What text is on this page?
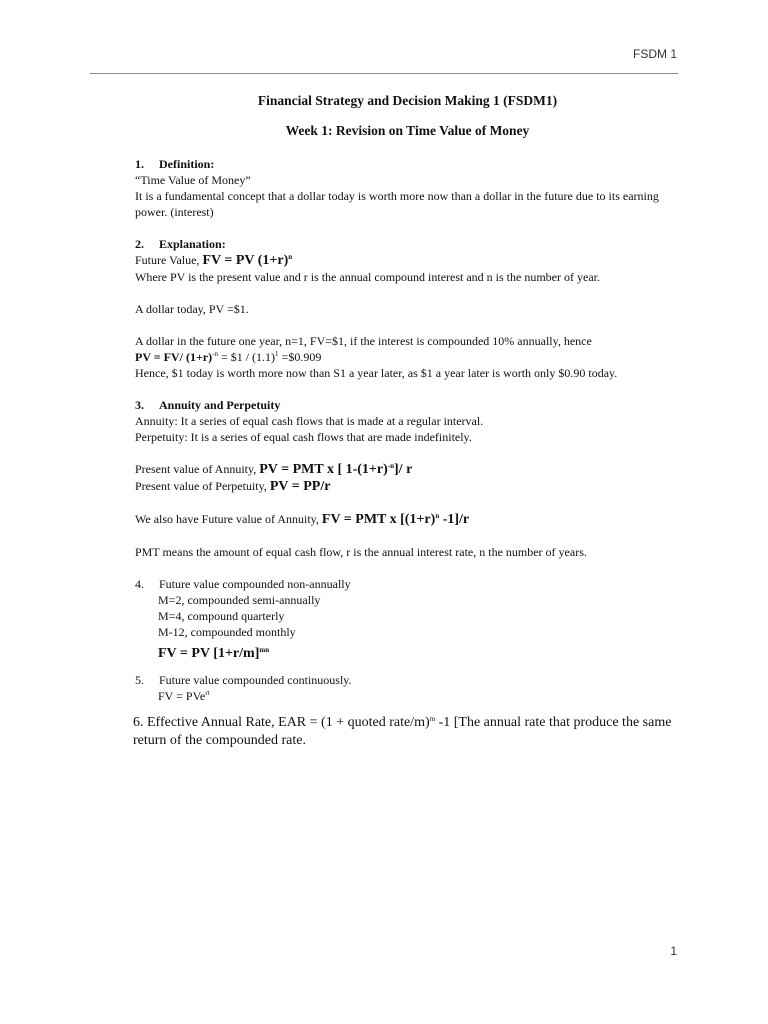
FSDM 1

Financial Strategy and Decision Making 1 (FSDM1)

Week 1: Revision on Time Value of Money

1. Definition:

“Time Value of Money”

It is a fundamental concept that a dollar today is worth more now than a dollar in the future due to its earning power. (interest)

2. Explanation:

Future Value, FV = PV $(1+r)^n$

Where PV is the present value and r is the annual compound interest and n is the number of year.

A dollar today, PV =$1.

A dollar in the future one year, n=1, FV=$1, if the interest is compounded 10% annually, hence

PV = FV/ $(1+r)^{-n}$ = $1 / $(1.1)^1$ =$0.909

Hence, $1 today is worth more now than S1 a year later, as $1 a year later is worth only $0.90 today.

3. Annuity and Perpetuity

Annuity: It a series of equal cash flows that is made at a regular interval.

Perpetuity: It is a series of equal cash flows that are made indefinitely.

Present value of Annuity, PV = PMT x [ $1-(1+r)^{-n}]/$ r

Present value of Perpetuity, PV = PP/r

We also have Future value of Annuity, FV = PMT x [$(1+r)^n$ -1]/r

PMT means the amount of equal cash flow, r is the annual interest rate, n the number of years.

4. Future value compounded non-annually

M=2, compounded semi-annually

M=4, compound quarterly

M-12, compounded monthly

FV = PV $[1+r/m]^{mn}$

5. Future value compounded continuously.

FV = PVe$^{rt}$

6. Effective Annual Rate, EAR = (1 + quoted rate/m)$^m$ -1 [The annual rate that produce the same return of the compounded rate.

1
